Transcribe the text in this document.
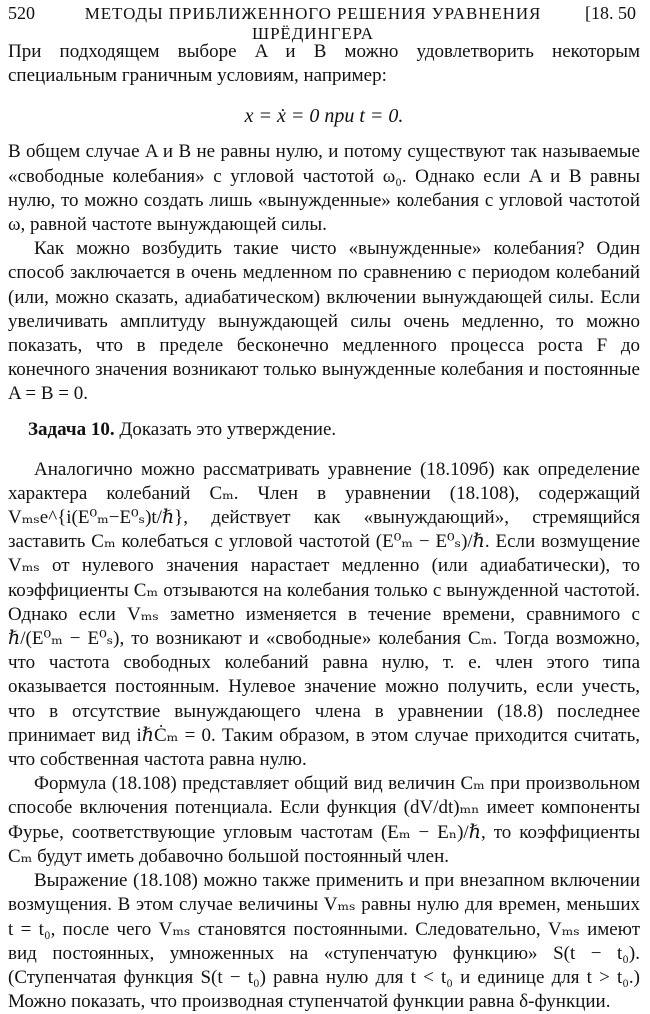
520	МЕТОДЫ ПРИБЛИЖЕННОГО РЕШЕНИЯ УРАВНЕНИЯ ШРЁДИНГЕРА
[18. 50

При подходящем выборе A и B можно удовлетворить некоторым специальным граничным условиям, например:

x = ẋ = 0 при t = 0.

В общем случае A и B не равны нулю, и потому существуют так называемые «свободные колебания» с угловой частотой ω₀. Однако если A и B равны нулю, то можно создать лишь «вынужденные» колебания с угловой частотой ω, равной частоте вынуждающей силы.

Как можно возбудить такие чисто «вынужденные» колебания? Один способ заключается в очень медленном по сравнению с периодом колебаний (или, можно сказать, адиабатическом) включении вынуждающей силы. Если увеличивать амплитуду вынуждающей силы очень медленно, то можно показать, что в пределе бесконечно медленного процесса роста F до конечного значения возникают только вынужденные колебания и постоянные A = B = 0.

Задача 10. Доказать это утверждение.

Аналогично можно рассматривать уравнение (18.109б) как определение характера колебаний Cₘ. Член в уравнении (18.108), содержащий Vₘₛe^{i(E⁰ₘ−E⁰ₛ)t/ℏ}, действует как «вынуждающий», стремящийся заставить Cₘ колебаться с угловой частотой (E⁰ₘ − E⁰ₛ)/ℏ. Если возмущение Vₘₛ от нулевого значения нарастает медленно (или адиабатически), то коэффициенты Cₘ отзываются на колебания только с вынужденной частотой. Однако если Vₘₛ заметно изменяется в течение времени, сравнимого с ℏ/(E⁰ₘ − E⁰ₛ), то возникают и «свободные» колебания Cₘ. Тогда возможно, что частота свободных колебаний равна нулю, т. е. член этого типа оказывается постоянным. Нулевое значение можно получить, если учесть, что в отсутствие вынуждающего члена в уравнении (18.8) последнее принимает вид iℏĊₘ = 0. Таким образом, в этом случае приходится считать, что собственная частота равна нулю.

Формула (18.108) представляет общий вид величин Cₘ при произвольном способе включения потенциала. Если функция (dV/dt)ₘₙ имеет компоненты Фурье, соответствующие угловым частотам (Eₘ − Eₙ)/ℏ, то коэффициенты Cₘ будут иметь добавочно большой постоянный член.

Выражение (18.108) можно также применить и при внезапном включении возмущения. В этом случае величины Vₘₛ равны нулю для времен, меньших t = t₀, после чего Vₘₛ становятся постоянными. Следовательно, Vₘₛ имеют вид постоянных, умноженных на «ступенчатую функцию» S(t − t₀). (Ступенчатая функция S(t − t₀) равна нулю для t < t₀ и единице для t > t₀.) Можно показать, что производная ступенчатой функции равна δ-функции.
